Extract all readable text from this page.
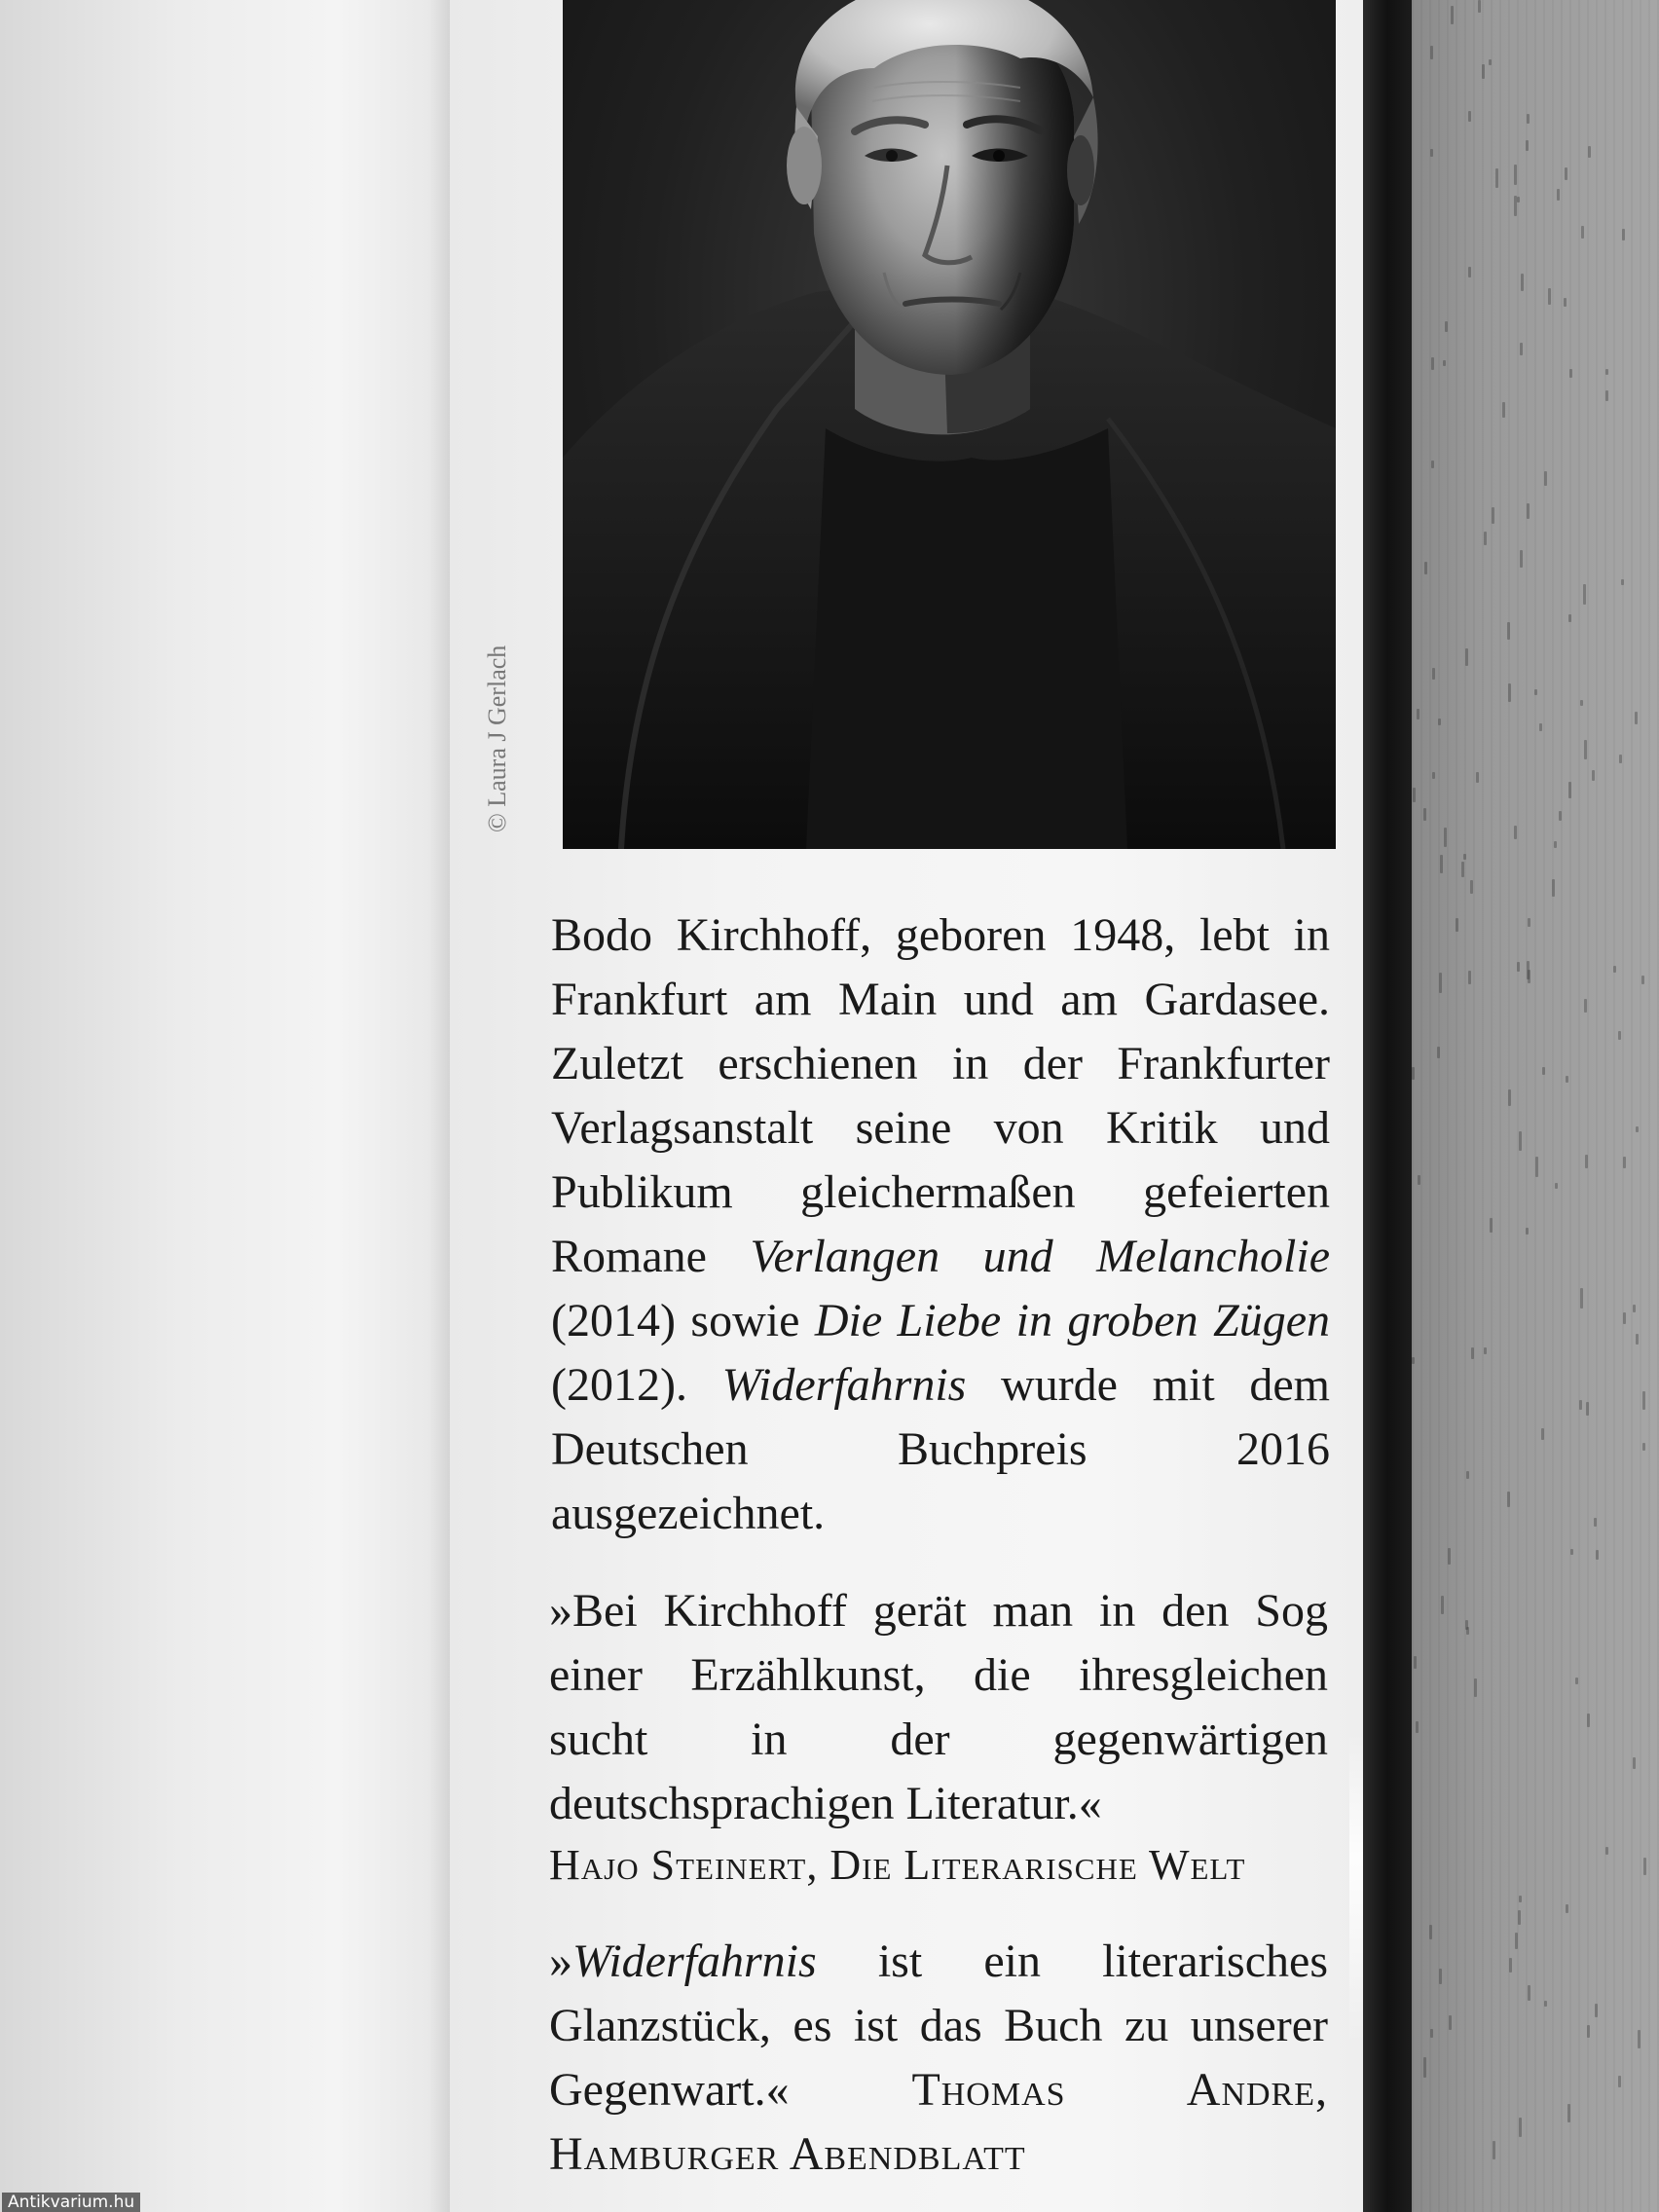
© Laura J Gerlach
Bodo Kirchhoff, geboren 1948, lebt in Frankfurt am Main und am Gardasee. Zuletzt erschienen in der Frankfurter Verlagsanstalt seine von Kritik und Publikum gleichermaßen gefeierten Romane Verlangen und Melancholie (2014) sowie Die Liebe in groben Zügen (2012). Widerfahrnis wurde mit dem Deutschen Buchpreis 2016 ausgezeichnet.
»Bei Kirchhoff gerät man in den Sog einer Erzählkunst, die ihresgleichen sucht in der gegenwärtigen deutschsprachigen Literatur.«
Hajo Steinert, Die Literarische Welt
»Widerfahrnis ist ein literarisches Glanzstück, es ist das Buch zu unserer Gegenwart.« Thomas Andre, Hamburger Abendblatt
Antikvarium.hu
